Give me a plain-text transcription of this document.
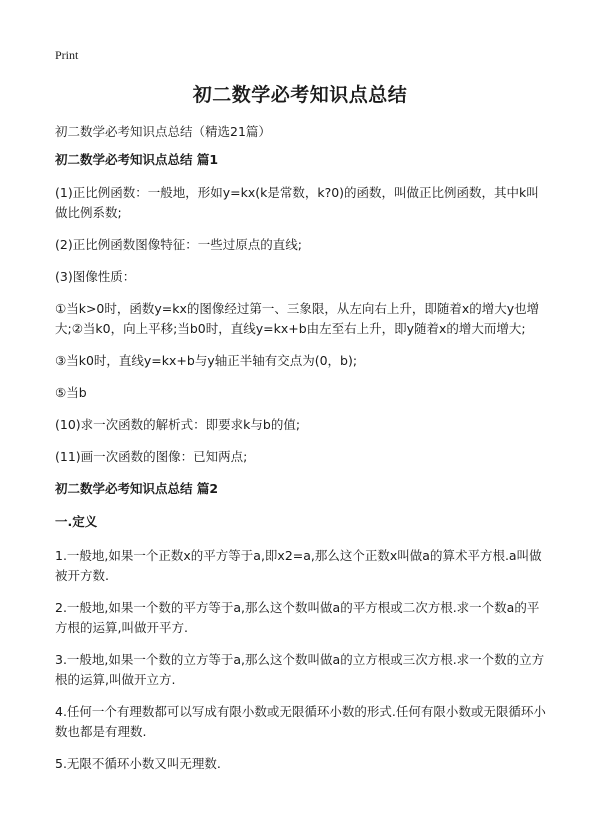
Print
初二数学必考知识点总结
初二数学必考知识点总结（精选21篇）

初二数学必考知识点总结 篇1

(1)正比例函数：一般地，形如y=kx(k是常数，k?0)的函数，叫做正比例函数，其中k叫做比例系数;

(2)正比例函数图像特征：一些过原点的直线;

(3)图像性质：

①当k>0时，函数y=kx的图像经过第一、三象限，从左向右上升，即随着x的增大y也增大;②当k0，向上平移;当b0时，直线y=kx+b由左至右上升，即y随着x的增大而增大;

③当k0时，直线y=kx+b与y轴正半轴有交点为(0，b);

⑤当b

(10)求一次函数的解析式：即要求k与b的值;

(11)画一次函数的图像：已知两点;

初二数学必考知识点总结 篇2

一.定义

1.一般地,如果一个正数x的平方等于a,即x2=a,那么这个正数x叫做a的算术平方根.a叫做被开方数.

2.一般地,如果一个数的平方等于a,那么这个数叫做a的平方根或二次方根.求一个数a的平方根的运算,叫做开平方.

3.一般地,如果一个数的立方等于a,那么这个数叫做a的立方根或三次方根.求一个数的立方根的运算,叫做开立方.

4.任何一个有理数都可以写成有限小数或无限循环小数的形式.任何有限小数或无限循环小数也都是有理数.

5.无限不循环小数又叫无理数.
